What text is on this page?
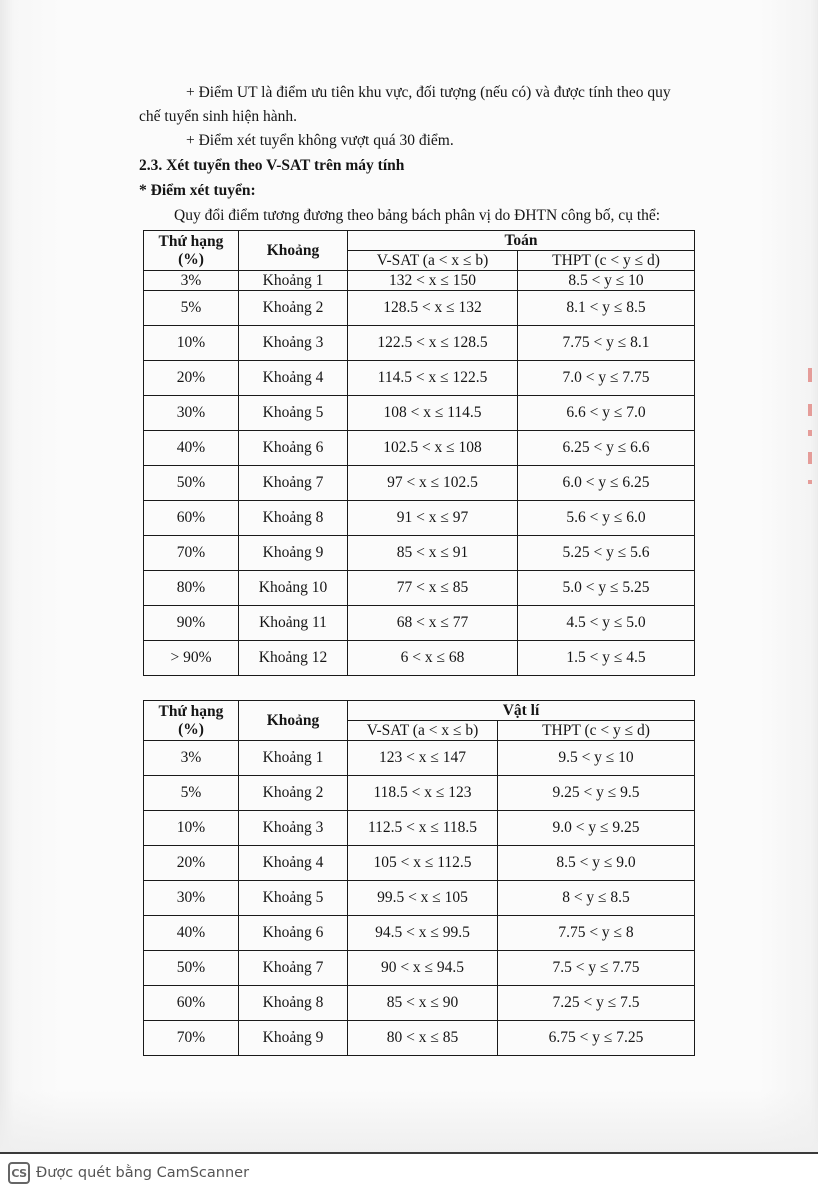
+ Điểm UT là điểm ưu tiên khu vực, đối tượng (nếu có) và được tính theo quy

chế tuyển sinh hiện hành.

+ Điểm xét tuyển không vượt quá 30 điểm.

2.3. Xét tuyển theo V-SAT trên máy tính

* Điểm xét tuyển:

Quy đổi điểm tương đương theo bảng bách phân vị do ĐHTN công bố, cụ thể:

Thứ hạng (%)	Khoảng	Toán	
		V-SAT (a < x ≤ b)	THPT (c < y ≤ d)
3%	Khoảng 1	132 < x ≤ 150	8.5 < y ≤ 10
5%	Khoảng 2	128.5 < x ≤ 132	8.1 < y ≤ 8.5
10%	Khoảng 3	122.5 < x ≤ 128.5	7.75 < y ≤ 8.1
20%	Khoảng 4	114.5 < x ≤ 122.5	7.0 < y ≤ 7.75
30%	Khoảng 5	108 < x ≤ 114.5	6.6 < y ≤ 7.0
40%	Khoảng 6	102.5 < x ≤ 108	6.25 < y ≤ 6.6
50%	Khoảng 7	97 < x ≤ 102.5	6.0 < y ≤ 6.25
60%	Khoảng 8	91 < x ≤ 97	5.6 < y ≤ 6.0
70%	Khoảng 9	85 < x ≤ 91	5.25 < y ≤ 5.6
80%	Khoảng 10	77 < x ≤ 85	5.0 < y ≤ 5.25
90%	Khoảng 11	68 < x ≤ 77	4.5 < y ≤ 5.0
> 90%	Khoảng 12	6 < x ≤ 68	1.5 < y ≤ 4.5
Thứ hạng (%)	Khoảng	Vật lí	
		V-SAT (a < x ≤ b)	THPT (c < y ≤ d)
3%	Khoảng 1	123 < x ≤ 147	9.5 < y ≤ 10
5%	Khoảng 2	118.5 < x ≤ 123	9.25 < y ≤ 9.5
10%	Khoảng 3	112.5 < x ≤ 118.5	9.0 < y ≤ 9.25
20%	Khoảng 4	105 < x ≤ 112.5	8.5 < y ≤ 9.0
30%	Khoảng 5	99.5 < x ≤ 105	8 < y ≤ 8.5
40%	Khoảng 6	94.5 < x ≤ 99.5	7.75 < y ≤ 8
50%	Khoảng 7	90 < x ≤ 94.5	7.5 < y ≤ 7.75
60%	Khoảng 8	85 < x ≤ 90	7.25 < y ≤ 7.5
70%	Khoảng 9	80 < x ≤ 85	6.75 < y ≤ 7.25
CS Được quét bằng CamScanner
